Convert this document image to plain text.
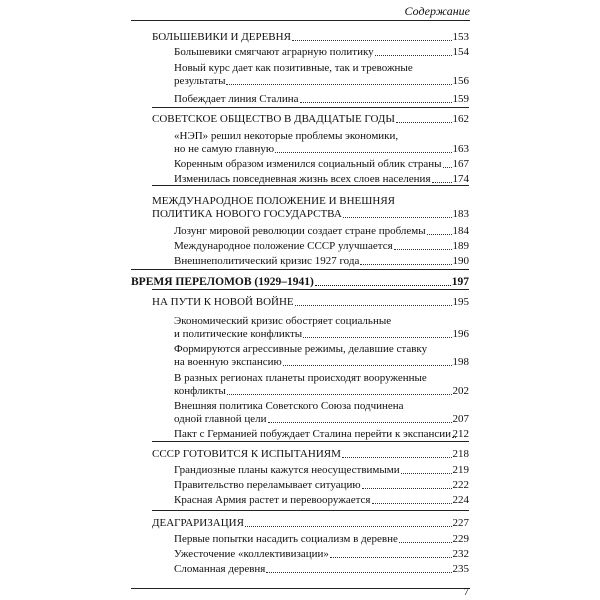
Содержание
БОЛЬШЕВИКИ И ДЕРЕВНЯ	153
Большевики смягчают аграрную политику	154
Новый курс дает как позитивные, так и тревожные
результаты	156
Побеждает линия Сталина	159
СОВЕТСКОЕ ОБЩЕСТВО В ДВАДЦАТЫЕ ГОДЫ	162
«НЭП» решил некоторые проблемы экономики,
но не самую главную	163
Коренным образом изменился социальный облик страны 167
Изменилась повседневная жизнь всех слоев населения 174
МЕЖДУНАРОДНОЕ ПОЛОЖЕНИЕ И ВНЕШНЯЯ
ПОЛИТИКА НОВОГО ГОСУДАРСТВА	183
Лозунг мировой революции создает стране проблемы 184
Международное положение СССР улучшается	189
Внешнеполитический кризис 1927 года	190
ВРЕМЯ ПЕРЕЛОМОВ (1929–1941)	197
НА ПУТИ К НОВОЙ ВОЙНЕ	195
Экономический кризис обостряет социальные
и политические конфликты	196
Формируются агрессивные режимы, делавшие ставку
на военную экспансию	198
В разных регионах планеты происходят вооруженные
конфликты	202
Внешняя политика Советского Союза подчинена
одной главной цели	207
Пакт с Германией побуждает Сталина перейти к экспансии 212
СССР ГОТОВИТСЯ К ИСПЫТАНИЯМ	218
Грандиозные планы кажутся неосуществимыми	219
Правительство переламывает ситуацию	222
Красная Армия растет и перевооружается	224
ДЕАГРАРИЗАЦИЯ	227
Первые попытки насадить социализм в деревне	229
Ужесточение «коллективизации»	232
Сломанная деревня	235
7
